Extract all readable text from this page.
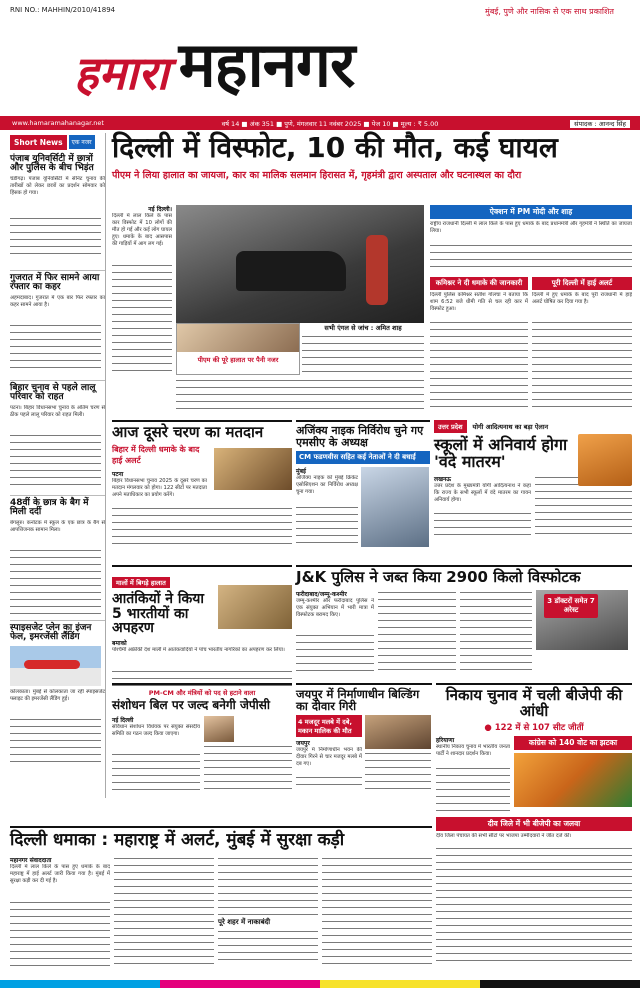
RNI NO.: MAHHIN/2010/41894	मुंबई, पुणे और नासिक से एक साथ प्रकाशित
हमारा महानगर
www.hamaramahanagar.net	वर्ष 14 ■ अंक 351 ■ पुणे, मंगलवार 11 नवंबर 2025 ■ पेज 10 ■ मूल्य : ₹ 5.00	संपादक : आनन्द सिंह
Short News	एक नजर
पंजाब यूनिवर्सिटी में छात्रों और पुलिस के बीच भिड़ंत
चंडीगढ़। पंजाब यूनिवर्सिटी में सीनेट चुनाव की तारीखों को लेकर छात्रों का प्रदर्शन सोमवार को हिंसक हो गया।
गुजरात में फिर सामने आया रफ्तार का कहर
अहमदाबाद। गुजरात में एक बार फिर रफ्तार का कहर सामने आया है।
बिहार चुनाव से पहले लालू परिवार को राहत
पटना। बिहार विधानसभा चुनाव के अंतिम चरण से ठीक पहले लालू परिवार को राहत मिली।
48वीं के छात्र के बैग में मिली दर्दी
बेंगलुरु। कर्नाटक में स्कूल के एक छात्र के बैग से आपत्तिजनक सामान मिला।
स्पाइसजेट प्लेन का इंजन फेल, इमरजेंसी लैंडिंग
कोलकाता। मुंबई से कोलकाता जा रही स्पाइसजेट फ्लाइट की इमरजेंसी लैंडिंग हुई।
दिल्ली में विस्फोट, 10 की मौत, कई घायल
पीएम ने लिया हालात का जायजा, कार का मालिक सलमान हिरासत में, गृहमंत्री द्वारा अस्पताल और घटनास्थल का दौरा
नई दिल्ली।
दिल्ली में लाल किले के पास कार विस्फोट में 10 लोगों की मौत हो गई और कई लोग घायल हुए। धमाके के बाद आसपास की गाड़ियों में आग लग गई।
पीएम की पूरे हालात पर पैनी नजर
सभी एंगल से जांच : अमित शाह
ऐक्शन में PM मोदी और शाह
राष्ट्रीय राजधानी दिल्ली में लाल किले के पास हुए धमाके के बाद प्रधानमंत्री और गृहमंत्री ने स्थिति का जायजा लिया।
कमिश्नर ने दी धमाके की जानकारी
दिल्ली पुलिस कमिश्नर सतीश गोलचा ने बताया कि शाम 6:52 बजे धीमी गति से चल रही कार में विस्फोट हुआ।
पूरी दिल्ली में हाई अलर्ट
दिल्ली में हुए धमाके के बाद पूरी राजधानी में हाई अलर्ट घोषित कर दिया गया है।
आज दूसरे चरण का मतदान
बिहार में दिल्ली धमाके के बाद हाई अलर्ट
पटना
बिहार विधानसभा चुनाव 2025 के दूसरे चरण का मतदान मंगलवार को होगा। 122 सीटों पर मतदाता अपने मताधिकार का प्रयोग करेंगे।
अजिंक्य नाइक निर्विरोध चुने गए एमसीए के अध्यक्ष
CM फडणवीस सहित कई नेताओं ने दी बधाई
मुंबई
अजिंक्य नाइक को मुंबई क्रिकेट एसोसिएशन का निर्विरोध अध्यक्ष चुना गया।
उत्तर प्रदेश	योगी आदित्यनाथ का बड़ा ऐलान
स्कूलों में अनिवार्य होगा 'वंदे मातरम'
लखनऊ
उत्तर प्रदेश के मुख्यमंत्री योगी आदित्यनाथ ने कहा कि राज्य के सभी स्कूलों में वंदे मातरम का गायन अनिवार्य होगा।
मालों में बिगड़े हालात
आतंकियों ने किया 5 भारतीयों का अपहरण
बमाको
पश्चिमी अफ्रीकी देश माली में आतंकवादियों ने पांच भारतीय नागरिकों का अपहरण कर लिया।
J&K पुलिस ने जब्त किया 2900 किलो विस्फोटक
फरीदाबाद/जम्मू-कश्मीर
जम्मू-कश्मीर और फरीदाबाद पुलिस ने एक संयुक्त अभियान में भारी मात्रा में विस्फोटक बरामद किए।
3 डॉक्टरों समेत 7 अरेस्ट
PM-CM और मंत्रियों को पद से हटाने वाला
संशोधन बिल पर जल्द बनेगी जेपीसी
नई दिल्ली
संविधान संशोधन विधेयक पर संयुक्त संसदीय समिति का गठन जल्द किया जाएगा।
जयपुर में निर्माणाधीन बिल्डिंग का दीवार गिरी
4 मजदूर मलबे में दबे, मकान मालिक की मौत
जयपुर
जयपुर में निर्माणाधीन भवन की दीवार गिरने से चार मजदूर मलबे में दब गए।
निकाय चुनाव में चली बीजेपी की आंधी
● 122 में से 107 सीट जीतीं
हरियाणा
स्थानीय निकाय चुनाव में भारतीय जनता पार्टी ने शानदार प्रदर्शन किया।
कांग्रेस को 140 वोट का झटका
दीव जिले में भी बीजेपी का जलवा
दीव जिला पंचायत की सभी सीटों पर भाजपा उम्मीदवारों ने जीत दर्ज की।
दिल्ली धमाका : महाराष्ट्र में अलर्ट, मुंबई में सुरक्षा कड़ी
महानगर संवाददाता
दिल्ली में लाल किले के पास हुए धमाके के बाद महाराष्ट्र में हाई अलर्ट जारी किया गया है। मुंबई में सुरक्षा कड़ी कर दी गई है।
पूरे शहर में नाकाबंदी
